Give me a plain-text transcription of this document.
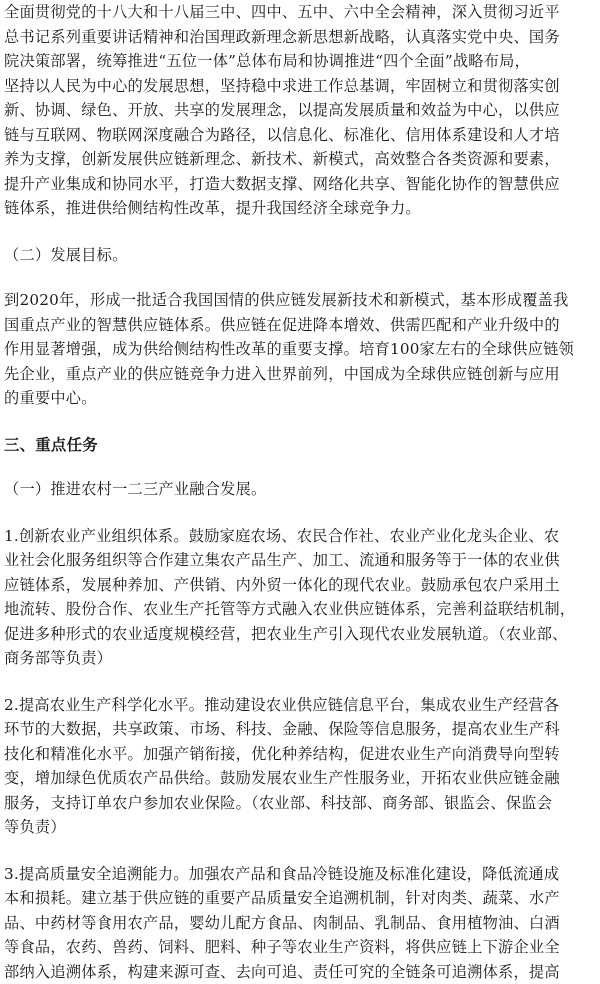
全面贯彻党的十八大和十八届三中、四中、五中、六中全会精神，深入贯彻习近平
总书记系列重要讲话精神和治国理政新理念新思想新战略，认真落实党中央、国务
院决策部署，统筹推进“五位一体”总体布局和协调推进“四个全面”战略布局，
坚持以人民为中心的发展思想，坚持稳中求进工作总基调，牢固树立和贯彻落实创
新、协调、绿色、开放、共享的发展理念，以提高发展质量和效益为中心，以供应
链与互联网、物联网深度融合为路径，以信息化、标准化、信用体系建设和人才培
养为支撑，创新发展供应链新理念、新技术、新模式，高效整合各类资源和要素，
提升产业集成和协同水平，打造大数据支撑、网络化共享、智能化协作的智慧供应
链体系，推进供给侧结构性改革，提升我国经济全球竞争力。

（二）发展目标。

到2020年，形成一批适合我国国情的供应链发展新技术和新模式，基本形成覆盖我
国重点产业的智慧供应链体系。供应链在促进降本增效、供需匹配和产业升级中的
作用显著增强，成为供给侧结构性改革的重要支撑。培育100家左右的全球供应链领
先企业，重点产业的供应链竞争力进入世界前列，中国成为全球供应链创新与应用
的重要中心。

三、重点任务

（一）推进农村一二三产业融合发展。

1.创新农业产业组织体系。鼓励家庭农场、农民合作社、农业产业化龙头企业、农
业社会化服务组织等合作建立集农产品生产、加工、流通和服务等于一体的农业供
应链体系，发展种养加、产供销、内外贸一体化的现代农业。鼓励承包农户采用土
地流转、股份合作、农业生产托管等方式融入农业供应链体系，完善利益联结机制，
促进多种形式的农业适度规模经营，把农业生产引入现代农业发展轨道。（农业部、
商务部等负责）

2.提高农业生产科学化水平。推动建设农业供应链信息平台，集成农业生产经营各
环节的大数据，共享政策、市场、科技、金融、保险等信息服务，提高农业生产科
技化和精准化水平。加强产销衔接，优化种养结构，促进农业生产向消费导向型转
变，增加绿色优质农产品供给。鼓励发展农业生产性服务业，开拓农业供应链金融
服务，支持订单农户参加农业保险。（农业部、科技部、商务部、银监会、保监会
等负责）

3.提高质量安全追溯能力。加强农产品和食品冷链设施及标准化建设，降低流通成
本和损耗。建立基于供应链的重要产品质量安全追溯机制，针对肉类、蔬菜、水产
品、中药材等食用农产品，婴幼儿配方食品、肉制品、乳制品、食用植物油、白酒
等食品，农药、兽药、饲料、肥料、种子等农业生产资料，将供应链上下游企业全
部纳入追溯体系，构建来源可查、去向可追、责任可究的全链条可追溯体系，提高
